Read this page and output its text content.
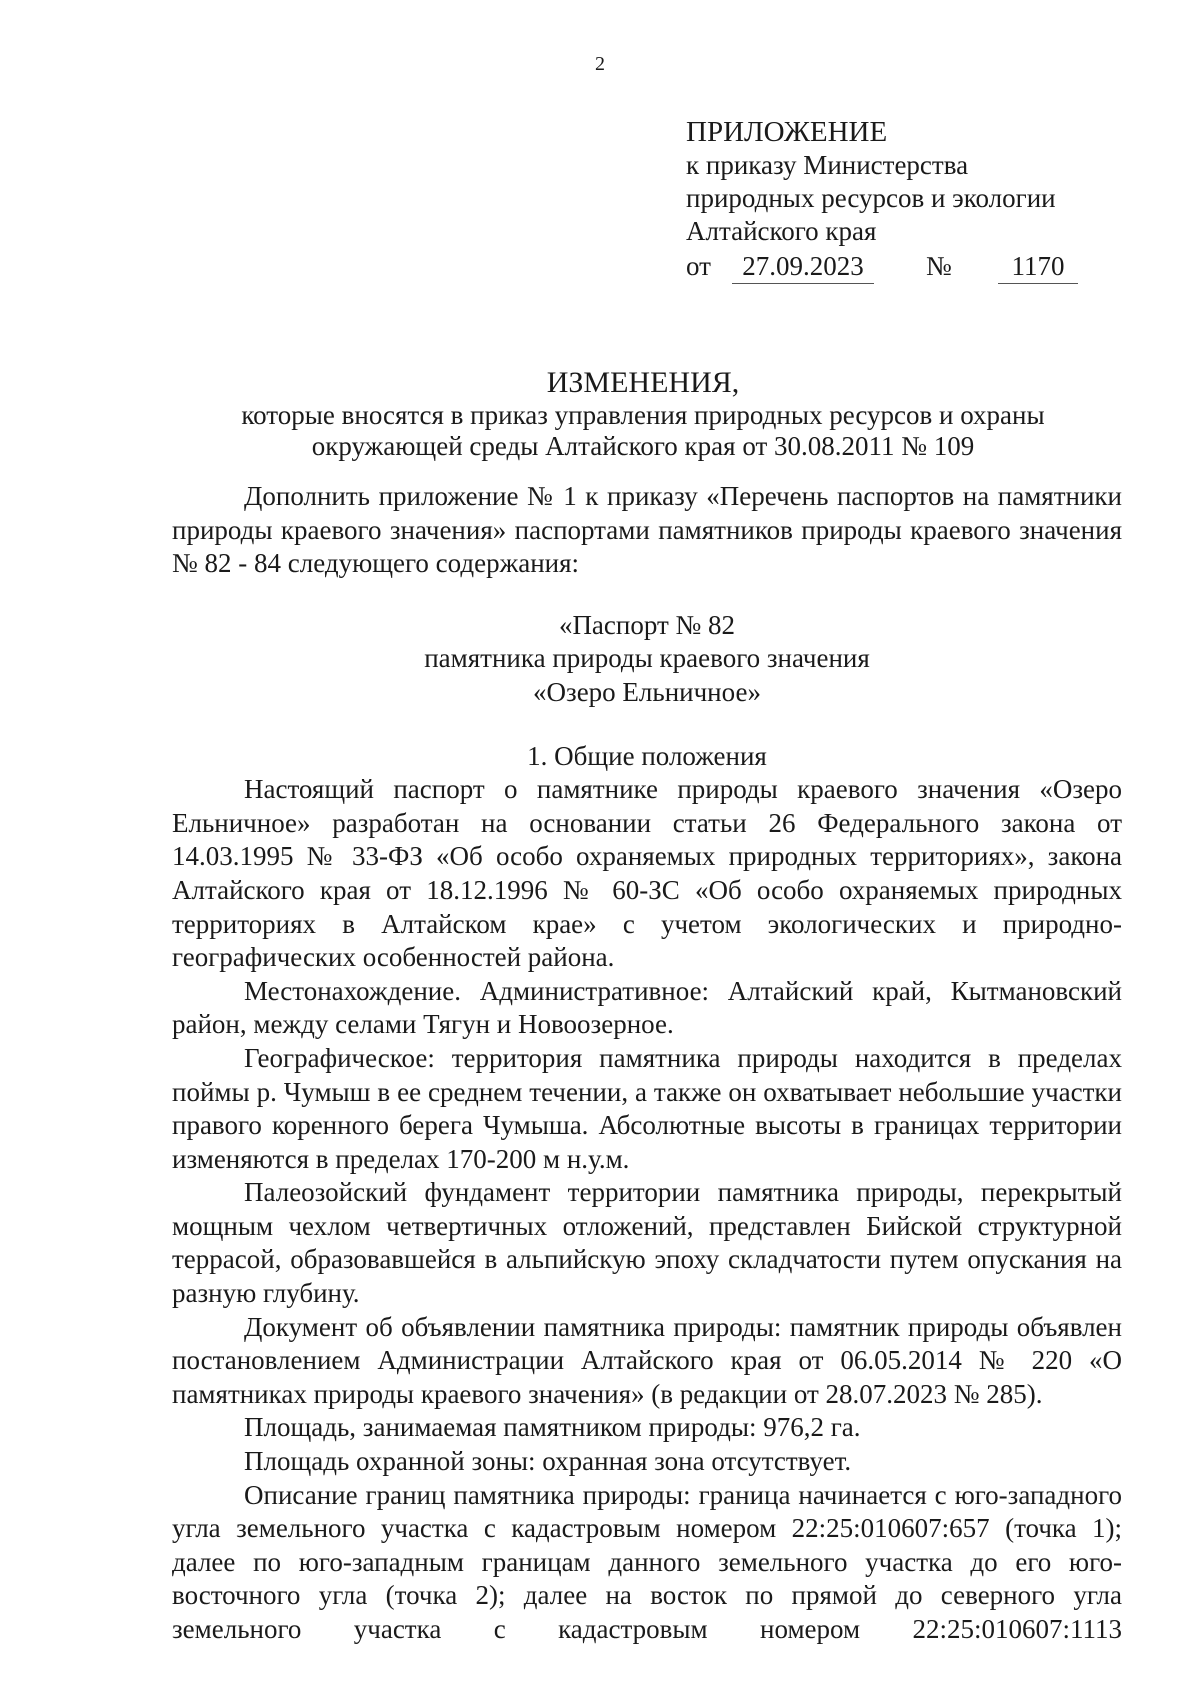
2
ПРИЛОЖЕНИЕ
к приказу Министерства
природных ресурсов и экологии
Алтайского края
от	27.09.2023	№	1170
ИЗМЕНЕНИЯ,
которые вносятся в приказ управления природных ресурсов и охраны
окружающей среды Алтайского края от 30.08.2011 № 109

Дополнить приложение № 1 к приказу «Перечень паспортов на памятники природы краевого значения» паспортами памятников природы краевого значения № 82 - 84 следующего содержания:

«Паспорт № 82
памятника природы краевого значения
«Озеро Ельничное»

1. Общие положения

Настоящий паспорт о памятнике природы краевого значения «Озеро Ельничное» разработан на основании статьи 26 Федерального закона от 14.03.1995 № 33-ФЗ «Об особо охраняемых природных территориях», закона Алтайского края от 18.12.1996 № 60-ЗС «Об особо охраняемых природных территориях в Алтайском крае» с учетом экологических и природно-географических особенностей района.

Местонахождение. Административное: Алтайский край, Кытмановский район, между селами Тягун и Новоозерное.

Географическое: территория памятника природы находится в пределах поймы р. Чумыш в ее среднем течении, а также он охватывает небольшие участки правого коренного берега Чумыша. Абсолютные высоты в границах территории изменяются в пределах 170-200 м н.у.м.

Палеозойский фундамент территории памятника природы, перекрытый мощным чехлом четвертичных отложений, представлен Бийской структурной террасой, образовавшейся в альпийскую эпоху складчатости путем опускания на разную глубину.

Документ об объявлении памятника природы: памятник природы объявлен постановлением Администрации Алтайского края от 06.05.2014 № 220 «О памятниках природы краевого значения» (в редакции от 28.07.2023 № 285).

Площадь, занимаемая памятником природы: 976,2 га.

Площадь охранной зоны: охранная зона отсутствует.

Описание границ памятника природы: граница начинается с юго-западного угла земельного участка с кадастровым номером 22:25:010607:657 (точка 1); далее по юго-западным границам данного земельного участка до его юго-восточного угла (точка 2); далее на восток по прямой до северного угла земельного участка с кадастровым номером 22:25:010607:1113
